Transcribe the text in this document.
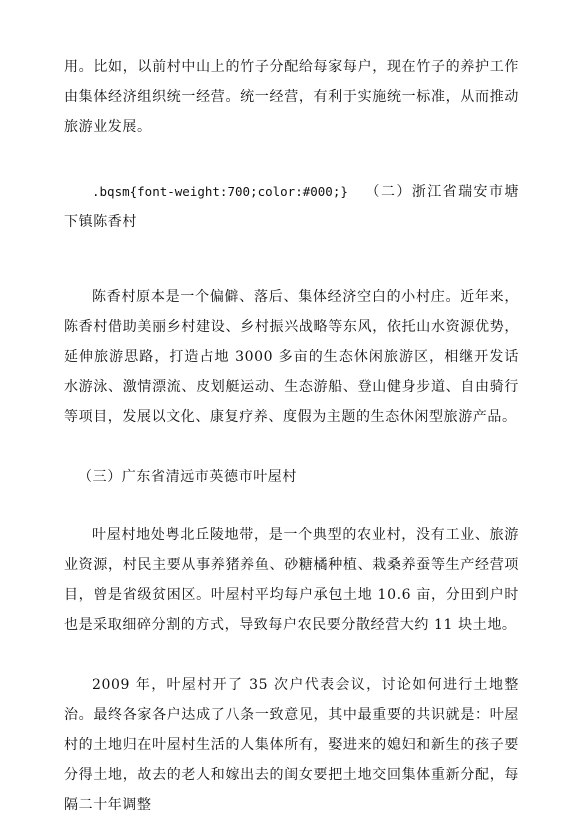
用。比如，以前村中山上的竹子分配给每家每户，现在竹子的养护工作由集体经济组织统一经营。统一经营，有利于实施统一标准，从而推动旅游业发展。

.bqsm{font-weight:700;color:#000;} （二）浙江省瑞安市塘下镇陈香村

陈香村原本是一个偏僻、落后、集体经济空白的小村庄。近年来，陈香村借助美丽乡村建设、乡村振兴战略等东风，依托山水资源优势，延伸旅游思路，打造占地 3000 多亩的生态休闲旅游区，相继开发话水游泳、激情漂流、皮划艇运动、生态游船、登山健身步道、自由骑行等项目，发展以文化、康复疗养、度假为主题的生态休闲型旅游产品。

（三）广东省清远市英德市叶屋村

叶屋村地处粤北丘陵地带，是一个典型的农业村，没有工业、旅游业资源，村民主要从事养猪养鱼、砂糖橘种植、栽桑养蚕等生产经营项目，曾是省级贫困区。叶屋村平均每户承包土地 10.6 亩，分田到户时也是采取细碎分割的方式，导致每户农民要分散经营大约 11 块土地。

2009 年，叶屋村开了 35 次户代表会议，讨论如何进行土地整治。最终各家各户达成了八条一致意见，其中最重要的共识就是：叶屋村的土地归在叶屋村生活的人集体所有，娶进来的媳妇和新生的孩子要分得土地，故去的老人和嫁出去的闺女要把土地交回集体重新分配，每隔二十年调整
